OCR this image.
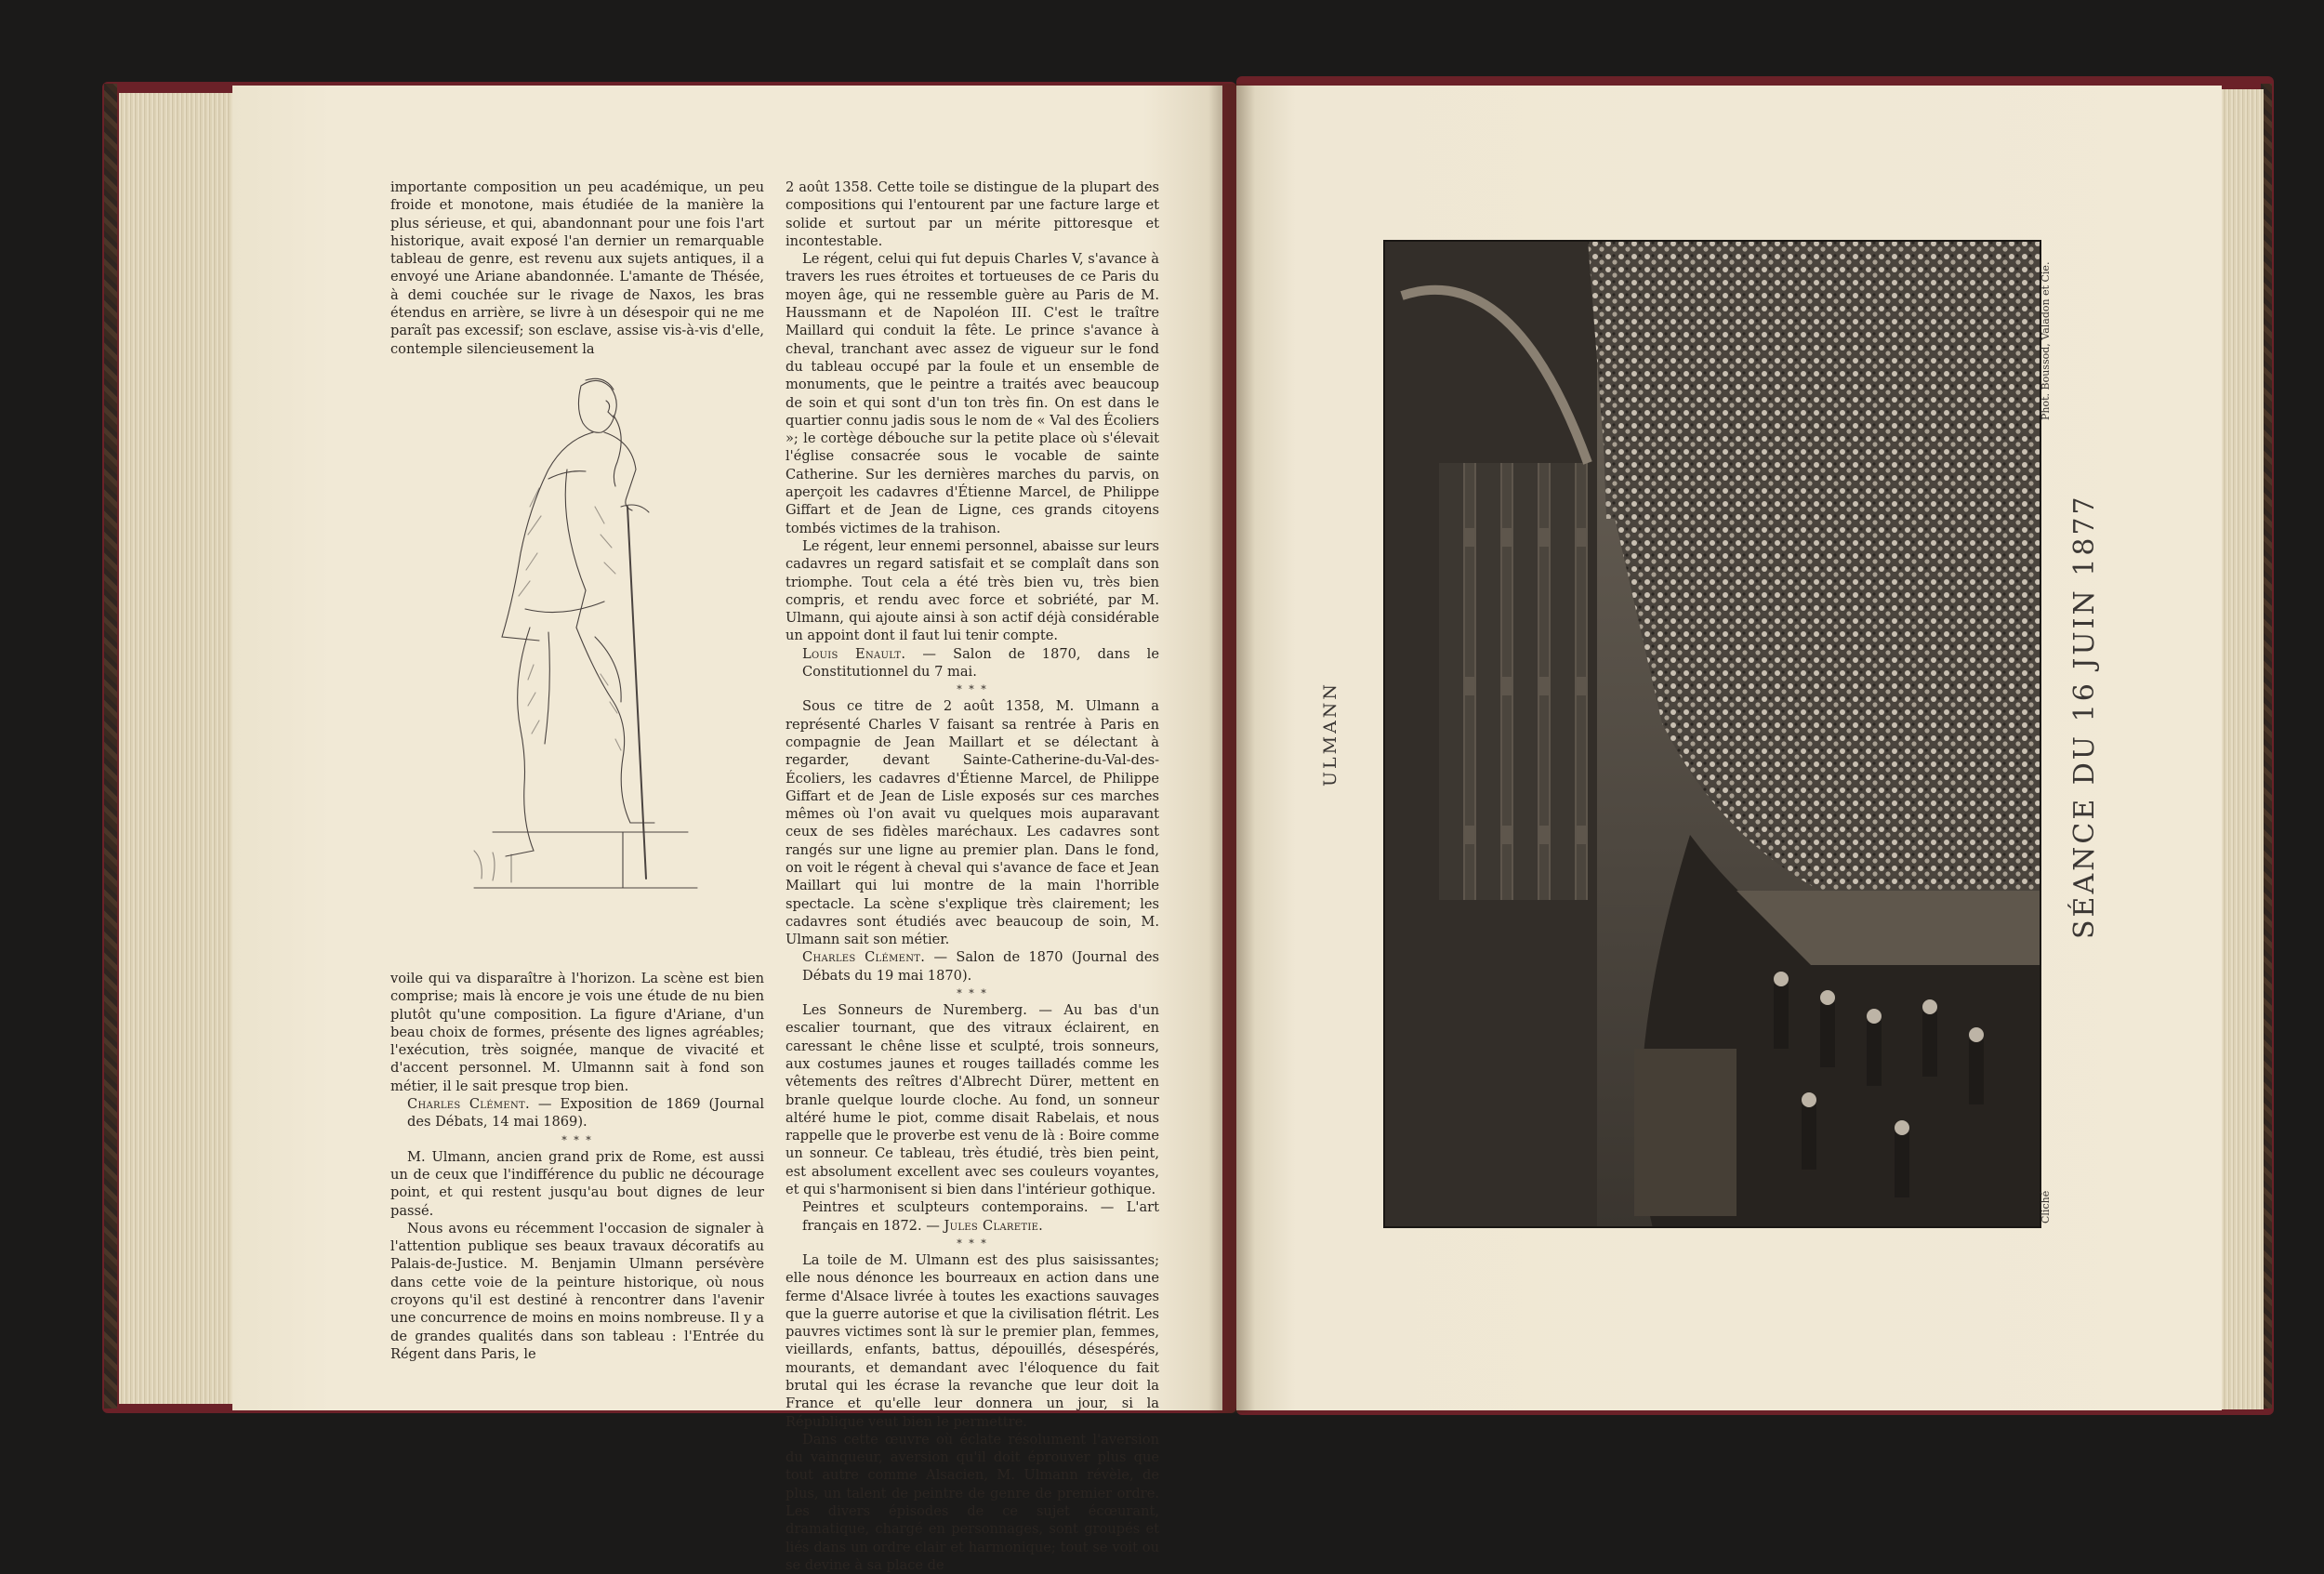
importante composition un peu académique, un peu froide et monotone, mais étudiée de la manière la plus sérieuse, et qui, abandonnant pour une fois l'art historique, avait exposé l'an dernier un remarquable tableau de genre, est revenu aux sujets antiques, il a envoyé une Ariane abandonnée. L'amante de Thésée, à demi couchée sur le rivage de Naxos, les bras étendus en arrière, se livre à un désespoir qui ne me paraît pas excessif; son esclave, assise vis-à-vis d'elle, contemple silencieusement la

voile qui va disparaître à l'horizon. La scène est bien comprise; mais là encore je vois une étude de nu bien plutôt qu'une composition. La figure d'Ariane, d'un beau choix de formes, présente des lignes agréables; l'exécution, très soignée, manque de vivacité et d'accent personnel. M. Ulmannn sait à fond son métier, il le sait presque trop bien.

Charles Clément. — Exposition de 1869 (Journal des Débats, 14 mai 1869).

* * *

M. Ulmann, ancien grand prix de Rome, est aussi un de ceux que l'indifférence du public ne décourage point, et qui restent jusqu'au bout dignes de leur passé.

Nous avons eu récemment l'occasion de signaler à l'attention publique ses beaux travaux décoratifs au Palais-de-Justice. M. Benjamin Ulmann persévère dans cette voie de la peinture historique, où nous croyons qu'il est destiné à rencontrer dans l'avenir une concurrence de moins en moins nombreuse. Il y a de grandes qualités dans son tableau : l'Entrée du Régent dans Paris, le

2 août 1358. Cette toile se distingue de la plupart des compositions qui l'entourent par une facture large et solide et surtout par un mérite pittoresque et incontestable.

Le régent, celui qui fut depuis Charles V, s'avance à travers les rues étroites et tortueuses de ce Paris du moyen âge, qui ne ressemble guère au Paris de M. Haussmann et de Napoléon III. C'est le traître Maillard qui conduit la fête. Le prince s'avance à cheval, tranchant avec assez de vigueur sur le fond du tableau occupé par la foule et un ensemble de monuments, que le peintre a traités avec beaucoup de soin et qui sont d'un ton très fin. On est dans le quartier connu jadis sous le nom de « Val des Écoliers »; le cortège débouche sur la petite place où s'élevait l'église consacrée sous le vocable de sainte Catherine. Sur les dernières marches du parvis, on aperçoit les cadavres d'Étienne Marcel, de Philippe Giffart et de Jean de Ligne, ces grands citoyens tombés victimes de la trahison.

Le régent, leur ennemi personnel, abaisse sur leurs cadavres un regard satisfait et se complaît dans son triomphe. Tout cela a été très bien vu, très bien compris, et rendu avec force et sobriété, par M. Ulmann, qui ajoute ainsi à son actif déjà considérable un appoint dont il faut lui tenir compte.

Louis Enault. — Salon de 1870, dans le Constitutionnel du 7 mai.

* * *

Sous ce titre de 2 août 1358, M. Ulmann a représenté Charles V faisant sa rentrée à Paris en compagnie de Jean Maillart et se délectant à regarder, devant Sainte-Catherine-du-Val-des-Écoliers, les cadavres d'Étienne Marcel, de Philippe Giffart et de Jean de Lisle exposés sur ces marches mêmes où l'on avait vu quelques mois auparavant ceux de ses fidèles maréchaux. Les cadavres sont rangés sur une ligne au premier plan. Dans le fond, on voit le régent à cheval qui s'avance de face et Jean Maillart qui lui montre de la main l'horrible spectacle. La scène s'explique très clairement; les cadavres sont étudiés avec beaucoup de soin, M. Ulmann sait son métier.

Charles Clément. — Salon de 1870 (Journal des Débats du 19 mai 1870).

* * *

Les Sonneurs de Nuremberg. — Au bas d'un escalier tournant, que des vitraux éclairent, en caressant le chêne lisse et sculpté, trois sonneurs, aux costumes jaunes et rouges tailladés comme les vêtements des reîtres d'Albrecht Dürer, mettent en branle quelque lourde cloche. Au fond, un sonneur altéré hume le piot, comme disait Rabelais, et nous rappelle que le proverbe est venu de là : Boire comme un sonneur. Ce tableau, très étudié, très bien peint, est absolument excellent avec ses couleurs voyantes, et qui s'harmonisent si bien dans l'intérieur gothique.

Peintres et sculpteurs contemporains. — L'art français en 1872. — Jules Claretie.

* * *

La toile de M. Ulmann est des plus saisissantes; elle nous dénonce les bourreaux en action dans une ferme d'Alsace livrée à toutes les exactions sauvages que la guerre autorise et que la civilisation flétrit. Les pauvres victimes sont là sur le premier plan, femmes, vieillards, enfants, battus, dépouillés, désespérés, mourants, et demandant avec l'éloquence du fait brutal qui les écrase la revanche que leur doit la France et qu'elle leur donnera un jour, si la République veut bien le permettre.

Dans cette œuvre où éclate résolument l'aversion du vainqueur, aversion qu'il doit éprouver plus que tout autre comme Alsacien, M. Ulmann révèle, de plus, un talent de peintre de genre de premier ordre. Les divers épisodes de ce sujet écœurant, dramatique, chargé en personnages, sont groupés et liés dans un ordre clair et harmonique; tout se voit ou se devine à sa place de

ULMANN	SÉANCE DU 16 JUIN 1877
Phot. Boussod, Valadon et Cie.
Cliché
